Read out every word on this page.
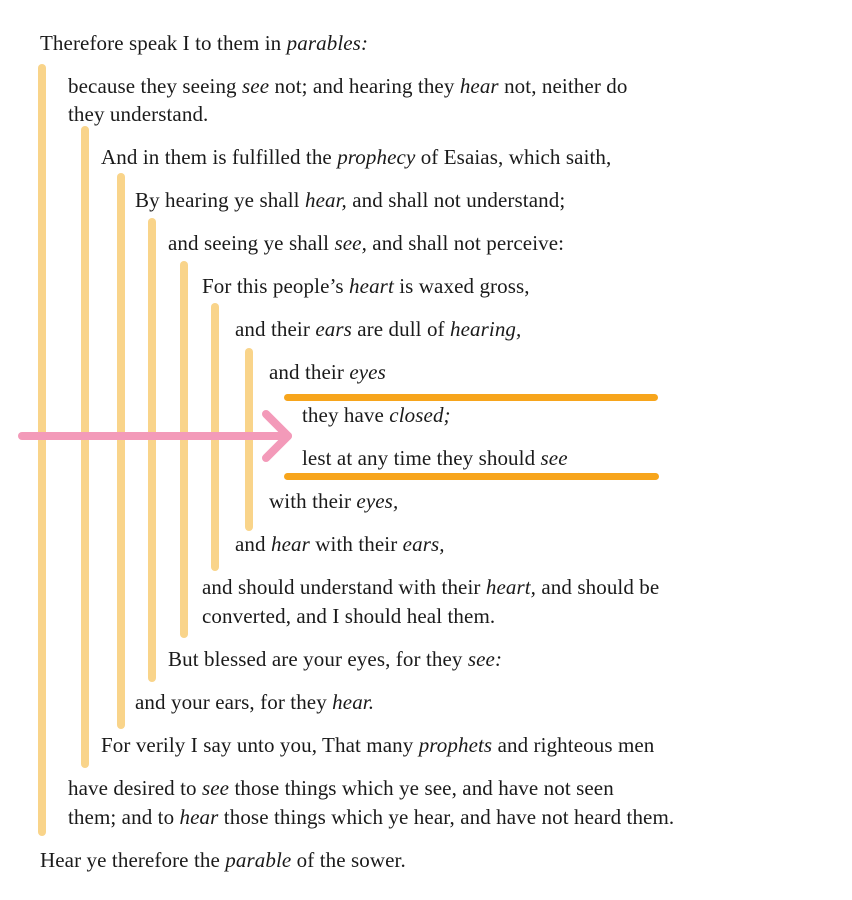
Therefore speak I to them in parables:
because they seeing see not; and hearing they hear not, neither do
they understand.
And in them is fulfilled the prophecy of Esaias, which saith,
By hearing ye shall hear, and shall not understand;
and seeing ye shall see, and shall not perceive:
For this people’s heart is waxed gross,
and their ears are dull of hearing,
and their eyes
they have closed;
lest at any time they should see
with their eyes,
and hear with their ears,
and should understand with their heart, and should be
converted, and I should heal them.
But blessed are your eyes, for they see:
and your ears, for they hear.
For verily I say unto you, That many prophets and righteous men
have desired to see those things which ye see, and have not seen
them; and to hear those things which ye hear, and have not heard them.
Hear ye therefore the parable of the sower.
